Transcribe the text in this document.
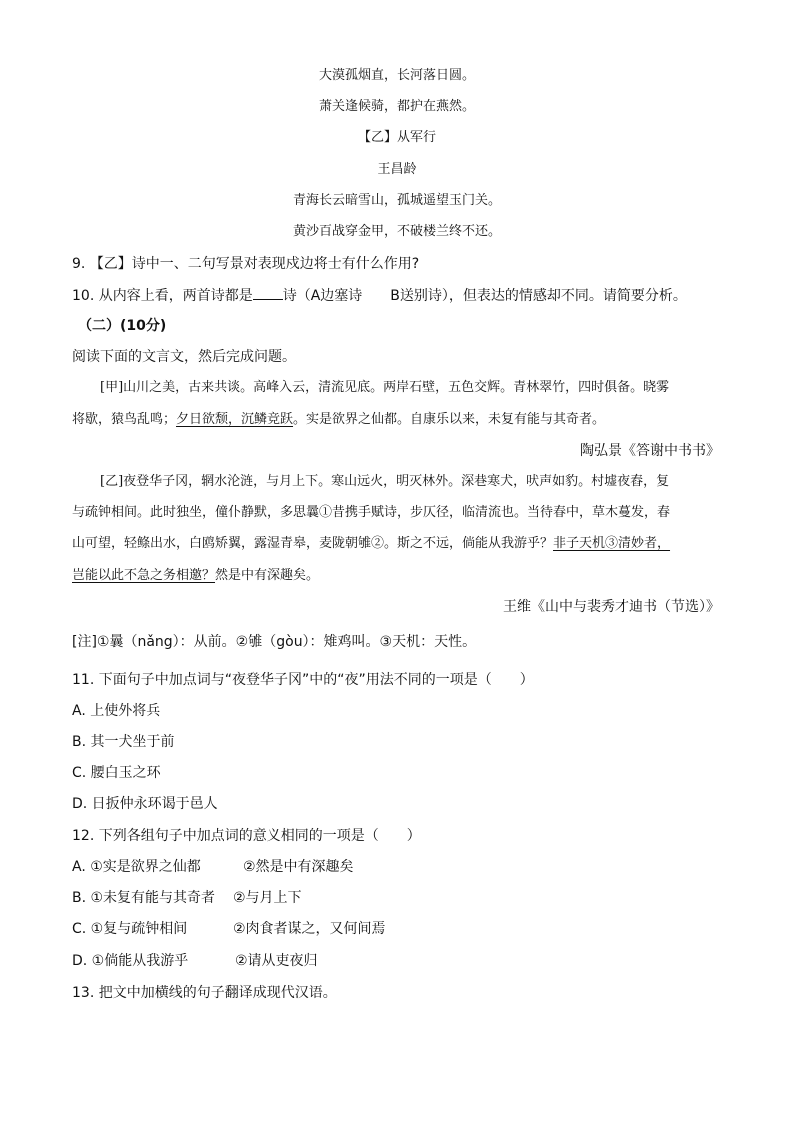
大漠孤烟直，长河落日圆。
萧关逢候骑，都护在燕然。
【乙】从军行
王昌龄
青海长云暗雪山，孤城遥望玉门关。
黄沙百战穿金甲，不破楼兰终不还。
9. 【乙】诗中一、二句写景对表现戍边将士有什么作用?
10. 从内容上看，两首诗都是 诗（A边塞诗　　B送别诗），但表达的情感却不同。请简要分析。
（二）(10分)
阅读下面的文言文，然后完成问题。
[甲]山川之美，古来共谈。高峰入云，清流见底。两岸石壁，五色交辉。青林翠竹，四时俱备。晓雾
将歇，猿鸟乱鸣；夕日欲颓，沉鳞竞跃。实是欲界之仙都。自康乐以来，未复有能与其奇者。
陶弘景《答谢中书书》
[乙]夜登华子冈，辋水沦涟，与月上下。寒山远火，明灭林外。深巷寒犬，吠声如豹。村墟夜舂，复
与疏钟相间。此时独坐，僮仆静默，多思曩①昔携手赋诗，步仄径，临清流也。当待春中，草木蔓发，春
山可望，轻鲦出水，白鸥矫翼，露湿青皋，麦陇朝雊②。斯之不远，倘能从我游乎？非子天机③清妙者，
岂能以此不急之务相邀？然是中有深趣矣。
王维《山中与裴秀才迪书（节选）》
[注]①曩（nǎng）：从前。②雊（gòu）：雉鸡叫。③天机：天性。
11. 下面句子中加点词与“夜登华子冈”中的“夜”用法不同的一项是（　　）
A. 上使外将兵
B. 其一犬坐于前
C. 腰白玉之环
D. 日扳仲永环谒于邑人
12. 下列各组句子中加点词的意义相同的一项是（　　）
A. ①实是欲界之仙都	②然是中有深趣矣
B. ①未复有能与其奇者 ②与月上下
C. ①复与疏钟相间	②肉食者谋之，又何间焉
D. ①倘能从我游乎	②请从吏夜归
13. 把文中加横线的句子翻译成现代汉语。
